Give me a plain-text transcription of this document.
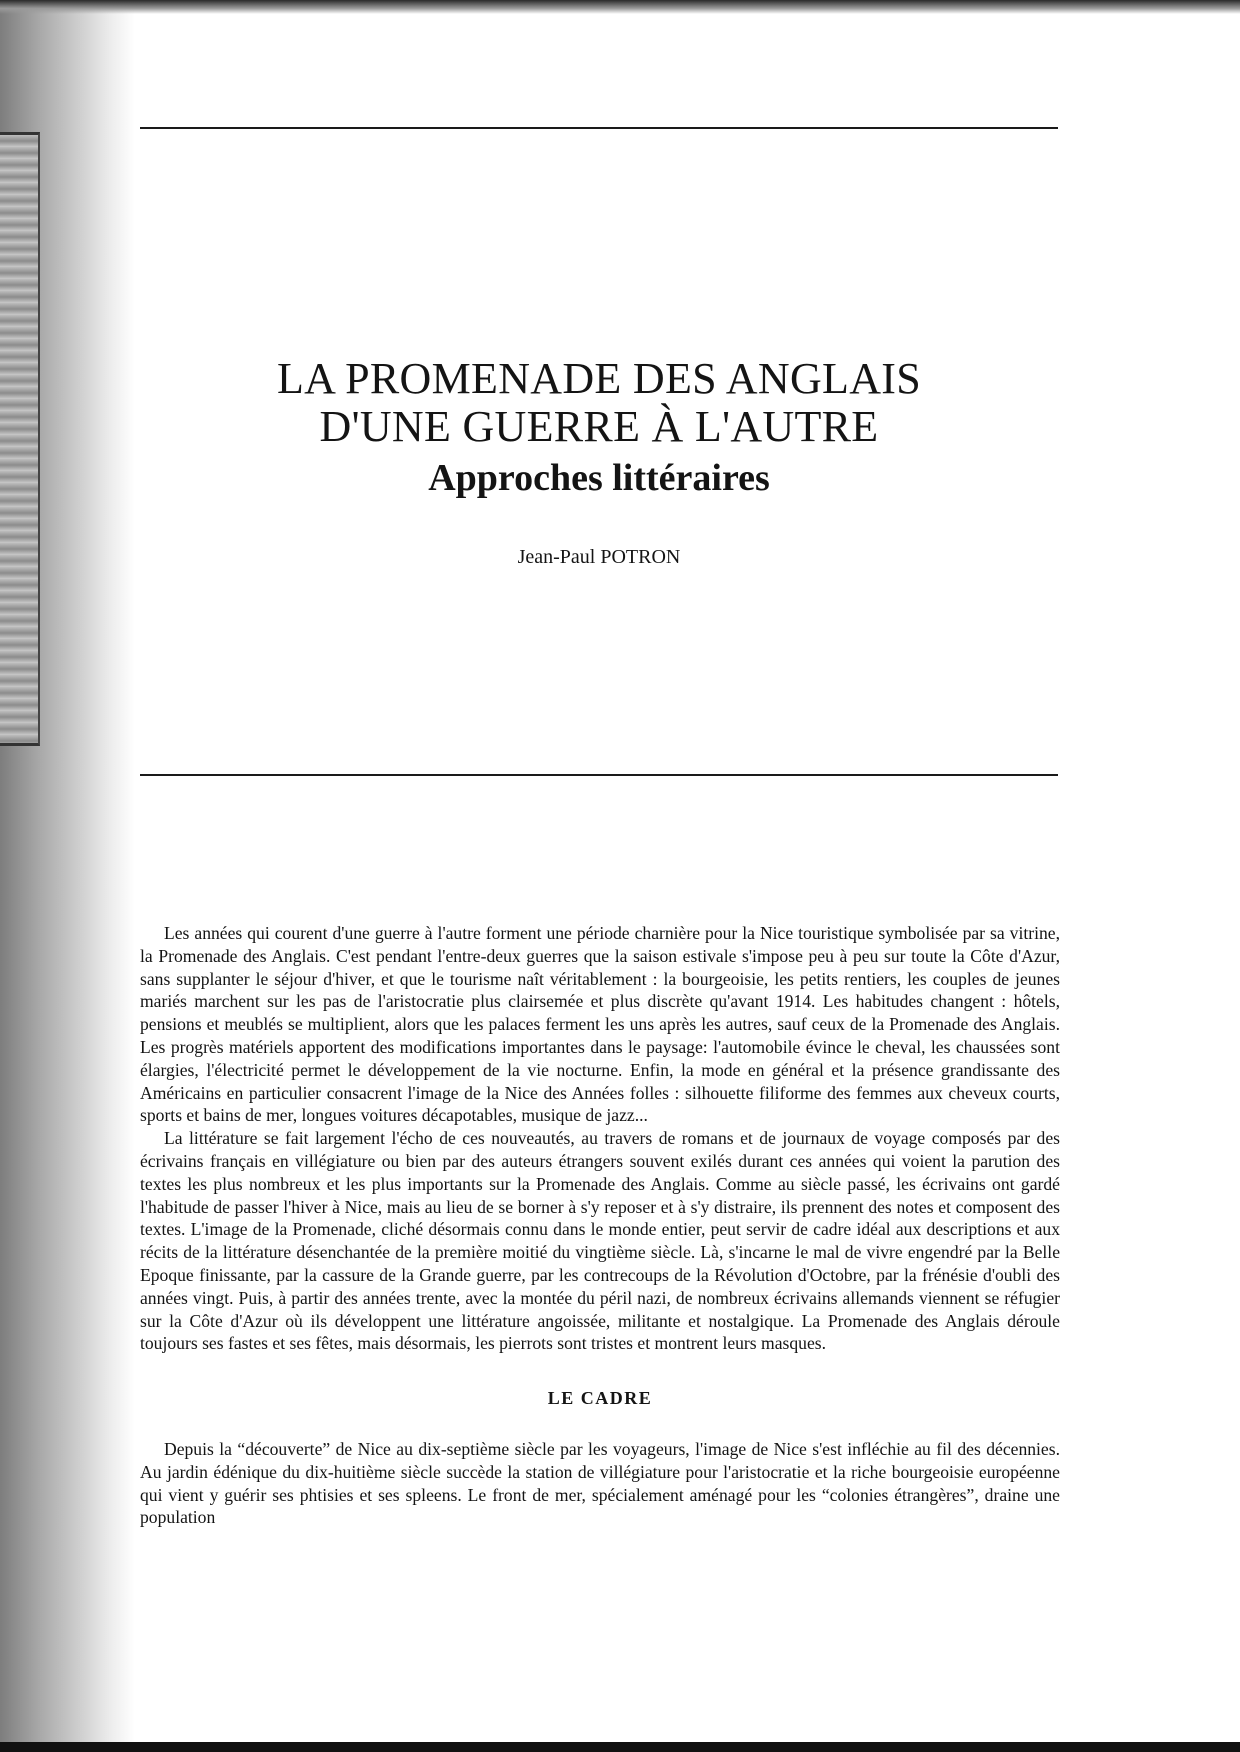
LA PROMENADE DES ANGLAIS
D'UNE GUERRE À L'AUTRE
Approches littéraires
Jean-Paul POTRON

Les années qui courent d'une guerre à l'autre forment une période charnière pour la Nice touristique symbolisée par sa vitrine, la Promenade des Anglais. C'est pendant l'entre-deux guerres que la saison estivale s'impose peu à peu sur toute la Côte d'Azur, sans supplanter le séjour d'hiver, et que le tourisme naît véritablement : la bourgeoisie, les petits rentiers, les couples de jeunes mariés marchent sur les pas de l'aristocratie plus clairsemée et plus discrète qu'avant 1914. Les habitudes changent : hôtels, pensions et meublés se multiplient, alors que les palaces ferment les uns après les autres, sauf ceux de la Promenade des Anglais. Les progrès matériels apportent des modifications importantes dans le paysage: l'automobile évince le cheval, les chaussées sont élargies, l'électricité permet le développement de la vie nocturne. Enfin, la mode en général et la présence grandissante des Américains en particulier consacrent l'image de la Nice des Années folles : silhouette filiforme des femmes aux cheveux courts, sports et bains de mer, longues voitures décapotables, musique de jazz...

La littérature se fait largement l'écho de ces nouveautés, au travers de romans et de journaux de voyage composés par des écrivains français en villégiature ou bien par des auteurs étrangers souvent exilés durant ces années qui voient la parution des textes les plus nombreux et les plus importants sur la Promenade des Anglais. Comme au siècle passé, les écrivains ont gardé l'habitude de passer l'hiver à Nice, mais au lieu de se borner à s'y reposer et à s'y distraire, ils prennent des notes et composent des textes. L'image de la Promenade, cliché désormais connu dans le monde entier, peut servir de cadre idéal aux descriptions et aux récits de la littérature désenchantée de la première moitié du vingtième siècle. Là, s'incarne le mal de vivre engendré par la Belle Epoque finissante, par la cassure de la Grande guerre, par les contrecoups de la Révolution d'Octobre, par la frénésie d'oubli des années vingt. Puis, à partir des années trente, avec la montée du péril nazi, de nombreux écrivains allemands viennent se réfugier sur la Côte d'Azur où ils développent une littérature angoissée, militante et nostalgique. La Promenade des Anglais déroule toujours ses fastes et ses fêtes, mais désormais, les pierrots sont tristes et montrent leurs masques.

LE CADRE

Depuis la “découverte” de Nice au dix-septième siècle par les voyageurs, l'image de Nice s'est infléchie au fil des décennies. Au jardin édénique du dix-huitième siècle succède la station de villégiature pour l'aristocratie et la riche bourgeoisie européenne qui vient y guérir ses phtisies et ses spleens. Le front de mer, spécialement aménagé pour les “colonies étrangères”, draine une population
